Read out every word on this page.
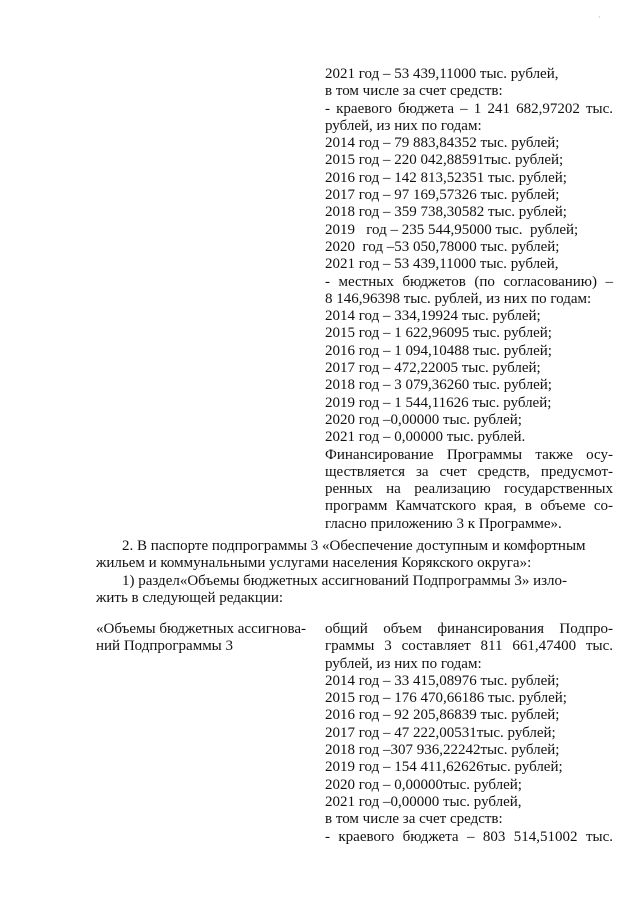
·
2021 год – 53 439,11000 тыс. рублей,
в том числе за счет средств:
- краевого бюджета – 1 241 682,97202 тыс.
рублей, из них по годам:
2014 год – 79 883,84352 тыс. рублей;
2015 год – 220 042,88591тыс. рублей;
2016 год – 142 813,52351 тыс. рублей;
2017 год – 97 169,57326 тыс. рублей;
2018 год – 359 738,30582 тыс. рублей;
2019   год – 235 544,95000 тыс.  рублей;
2020  год –53 050,78000 тыс. рублей;
2021 год – 53 439,11000 тыс. рублей,
- местных бюджетов (по согласованию) –
8 146,96398 тыс. рублей, из них по годам:
2014 год – 334,19924 тыс. рублей;
2015 год – 1 622,96095 тыс. рублей;
2016 год – 1 094,10488 тыс. рублей;
2017 год – 472,22005 тыс. рублей;
2018 год – 3 079,36260 тыс. рублей;
2019 год – 1 544,11626 тыс. рублей;
2020 год –0,00000 тыс. рублей;
2021 год – 0,00000 тыс. рублей.
Финансирование Программы также осу-
ществляется за счет средств, предусмот-
ренных на реализацию государственных
программ Камчатского края, в объеме со-
гласно приложению 3 к Программе».
2. В паспорте подпрограммы 3 «Обеспечение доступным и комфортным
жильем и коммунальными услугами населения Корякского округа»:
1) раздел«Объемы бюджетных ассигнований Подпрограммы 3» изло-
жить в следующей редакции:
«Объемы бюджетных ассигнова-
ний Подпрограммы 3
общий объем финансирования Подпро-
граммы 3 составляет 811 661,47400 тыс.
рублей, из них по годам:
2014 год – 33 415,08976 тыс. рублей;
2015 год – 176 470,66186 тыс. рублей;
2016 год – 92 205,86839 тыс. рублей;
2017 год – 47 222,00531тыс. рублей;
2018 год –307 936,22242тыс. рублей;
2019 год – 154 411,62626тыс. рублей;
2020 год – 0,00000тыс. рублей;
2021 год –0,00000 тыс. рублей,
в том числе за счет средств:
- краевого бюджета – 803 514,51002 тыс.
